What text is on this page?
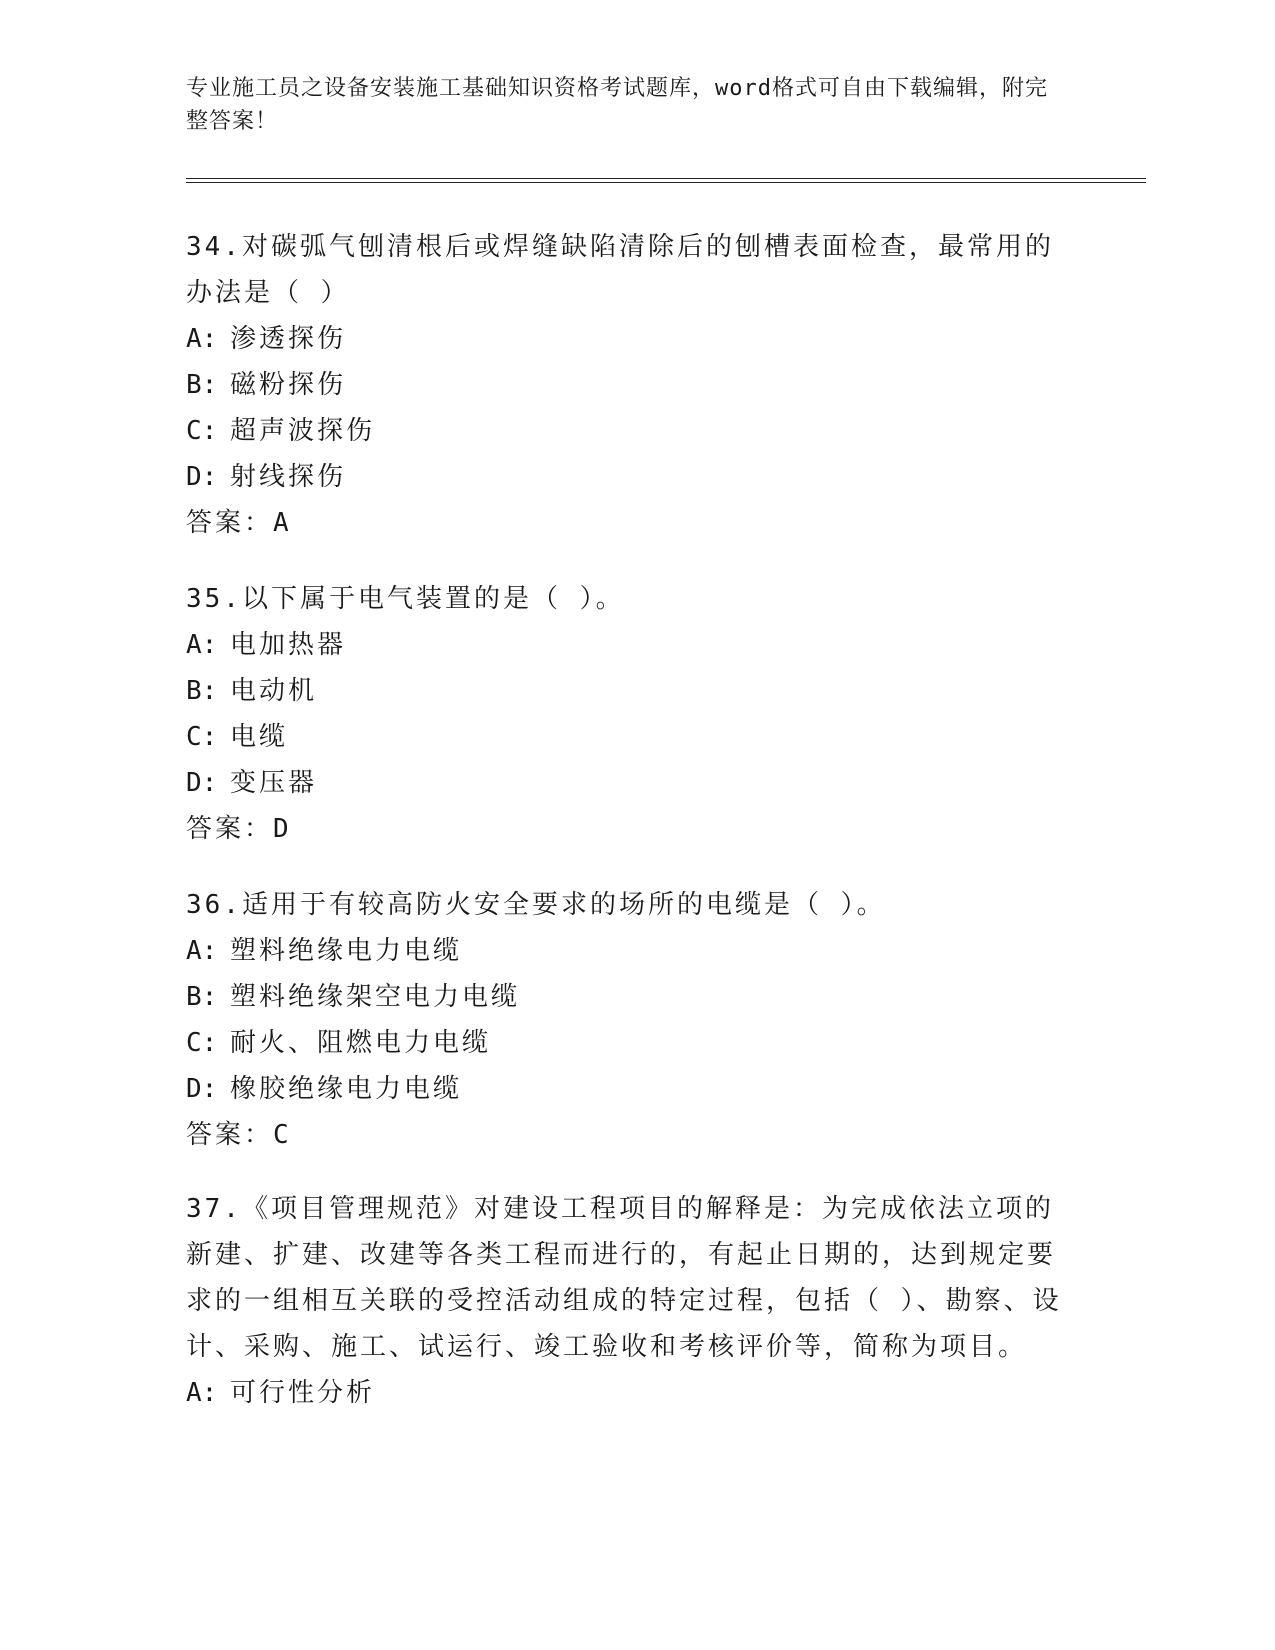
专业施工员之设备安装施工基础知识资格考试题库，word格式可自由下载编辑，附完整答案！

34.对碳弧气刨清根后或焊缝缺陷清除后的刨槽表面检查，最常用的办法是（ ）

A: 渗透探伤
B: 磁粉探伤
C: 超声波探伤
D: 射线探伤
答案：A

35.以下属于电气装置的是（ ）。

A: 电加热器
B: 电动机
C: 电缆
D: 变压器
答案：D

36.适用于有较高防火安全要求的场所的电缆是（ ）。

A: 塑料绝缘电力电缆
B: 塑料绝缘架空电力电缆
C: 耐火、阻燃电力电缆
D: 橡胶绝缘电力电缆
答案：C

37.《项目管理规范》对建设工程项目的解释是：为完成依法立项的新建、扩建、改建等各类工程而进行的，有起止日期的，达到规定要求的一组相互关联的受控活动组成的特定过程，包括（ ）、勘察、设计、采购、施工、试运行、竣工验收和考核评价等，简称为项目。

A: 可行性分析
